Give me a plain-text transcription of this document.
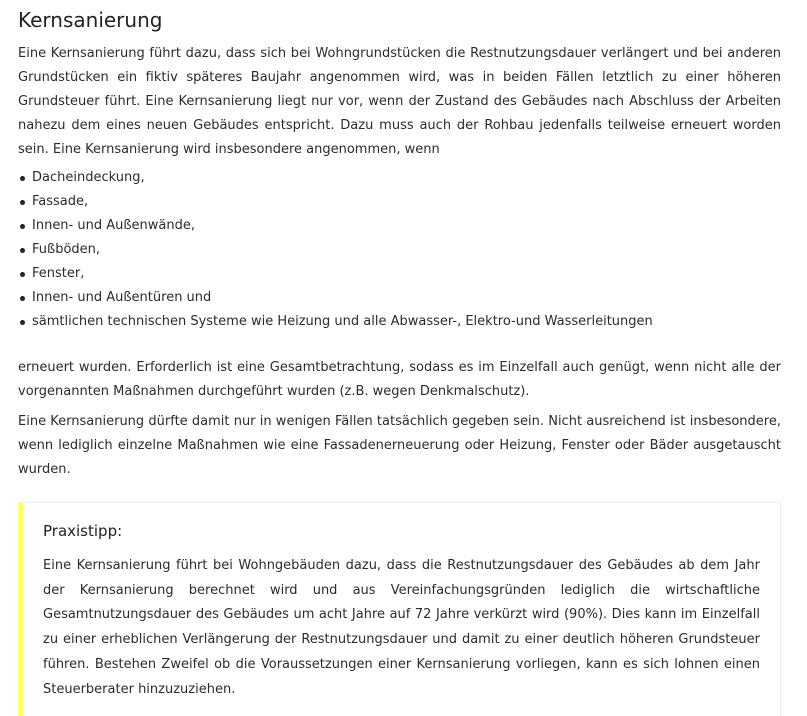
Kernsanierung

Eine Kernsanierung führt dazu, dass sich bei Wohngrundstücken die Restnutzungsdauer verlängert und bei anderen Grundstücken ein fiktiv späteres Baujahr angenommen wird, was in beiden Fällen letztlich zu einer höheren Grundsteuer führt. Eine Kernsanierung liegt nur vor, wenn der Zustand des Gebäudes nach Abschluss der Arbeiten nahezu dem eines neuen Gebäudes entspricht. Dazu muss auch der Rohbau jedenfalls teilweise erneuert worden sein. Eine Kernsanierung wird insbesondere angenommen, wenn

Dacheindeckung,
Fassade,
Innen- und Außenwände,
Fußböden,
Fenster,
Innen- und Außentüren und
sämtlichen technischen Systeme wie Heizung und alle Abwasser-, Elektro-und Wasserleitungen

erneuert wurden. Erforderlich ist eine Gesamtbetrachtung, sodass es im Einzelfall auch genügt, wenn nicht alle der vorgenannten Maßnahmen durchgeführt wurden (z.B. wegen Denkmalschutz).

Eine Kernsanierung dürfte damit nur in wenigen Fällen tatsächlich gegeben sein. Nicht ausreichend ist insbesondere, wenn lediglich einzelne Maßnahmen wie eine Fassadenerneuerung oder Heizung, Fenster oder Bäder ausgetauscht wurden.

Praxistipp:

Eine Kernsanierung führt bei Wohngebäuden dazu, dass die Restnutzungsdauer des Gebäudes ab dem Jahr der Kernsanierung berechnet wird und aus Vereinfachungsgründen lediglich die wirtschaftliche Gesamtnutzungsdauer des Gebäudes um acht Jahre auf 72 Jahre verkürzt wird (90%). Dies kann im Einzelfall zu einer erheblichen Verlängerung der Restnutzungsdauer und damit zu einer deutlich höheren Grundsteuer führen. Bestehen Zweifel ob die Voraussetzungen einer Kernsanierung vorliegen, kann es sich lohnen einen Steuerberater hinzuzuziehen.
